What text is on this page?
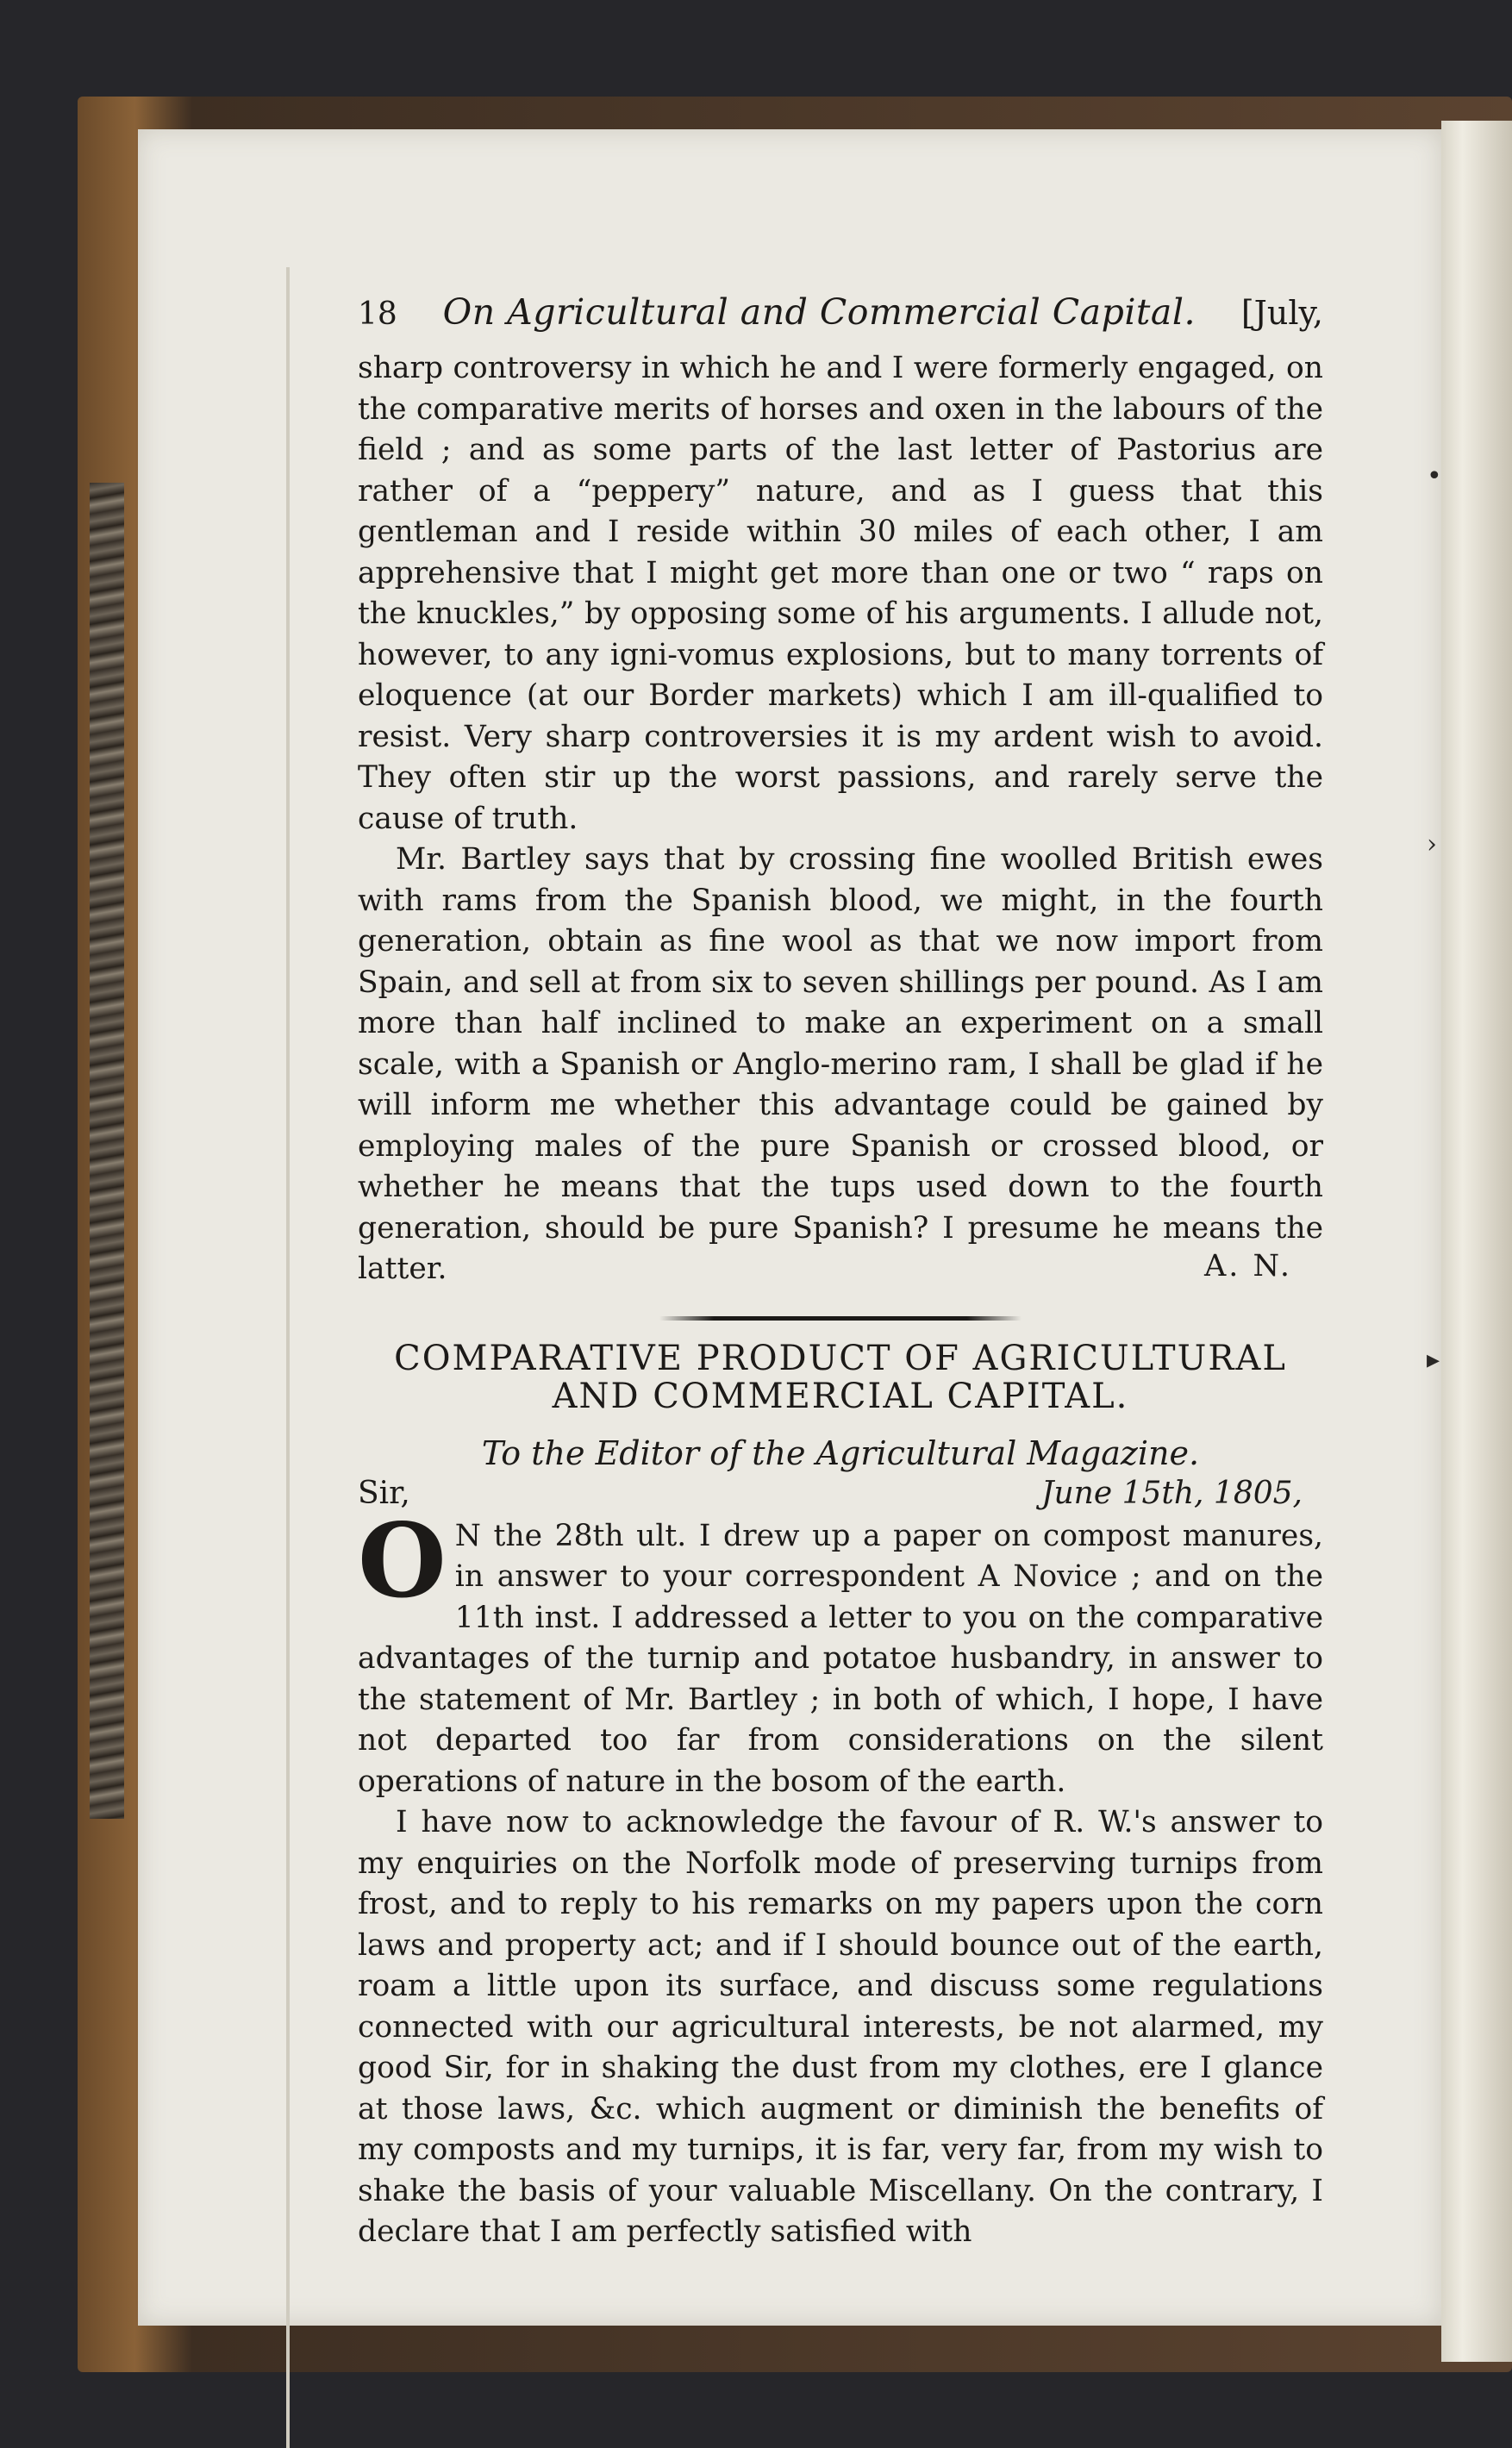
•
›
▸
18 On Agricultural and Commercial Capital. [July,

sharp controversy in which he and I were formerly engaged, on the comparative merits of horses and oxen in the labours of the field ; and as some parts of the last letter of Pastorius are rather of a “peppery” nature, and as I guess that this gentleman and I reside within 30 miles of each other, I am apprehensive that I might get more than one or two “ raps on the knuckles,” by opposing some of his arguments. I allude not, however, to any igni-vomus explosions, but to many torrents of eloquence (at our Border markets) which I am ill-qualified to resist. Very sharp controversies it is my ardent wish to avoid. They often stir up the worst passions, and rarely serve the cause of truth.

Mr. Bartley says that by crossing fine woolled British ewes with rams from the Spanish blood, we might, in the fourth generation, obtain as fine wool as that we now import from Spain, and sell at from six to seven shillings per pound. As I am more than half inclined to make an experiment on a small scale, with a Spanish or Anglo-merino ram, I shall be glad if he will inform me whether this advantage could be gained by employing males of the pure Spanish or crossed blood, or whether he means that the tups used down to the fourth generation, should be pure Spanish? I presume he means the latter.	A. N.

COMPARATIVE PRODUCT OF AGRICULTURAL
AND COMMERCIAL CAPITAL.

To the Editor of the Agricultural Magazine.
Sir,	June 15th, 1805,

O N the 28th ult. I drew up a paper on compost manures, in answer to your correspondent A Novice ; and on the 11th inst. I addressed a letter to you on the comparative advantages of the turnip and potatoe husbandry, in answer to the statement of Mr. Bartley ; in both of which, I hope, I have not departed too far from considerations on the silent operations of nature in the bosom of the earth.

I have now to acknowledge the favour of R. W.'s answer to my enquiries on the Norfolk mode of preserving turnips from frost, and to reply to his remarks on my papers upon the corn laws and property act; and if I should bounce out of the earth, roam a little upon its surface, and discuss some regulations connected with our agricultural interests, be not alarmed, my good Sir, for in shaking the dust from my clothes, ere I glance at those laws, &c. which augment or diminish the benefits of my composts and my turnips, it is far, very far, from my wish to shake the basis of your valuable Miscellany. On the contrary, I declare that I am perfectly satisfied with
